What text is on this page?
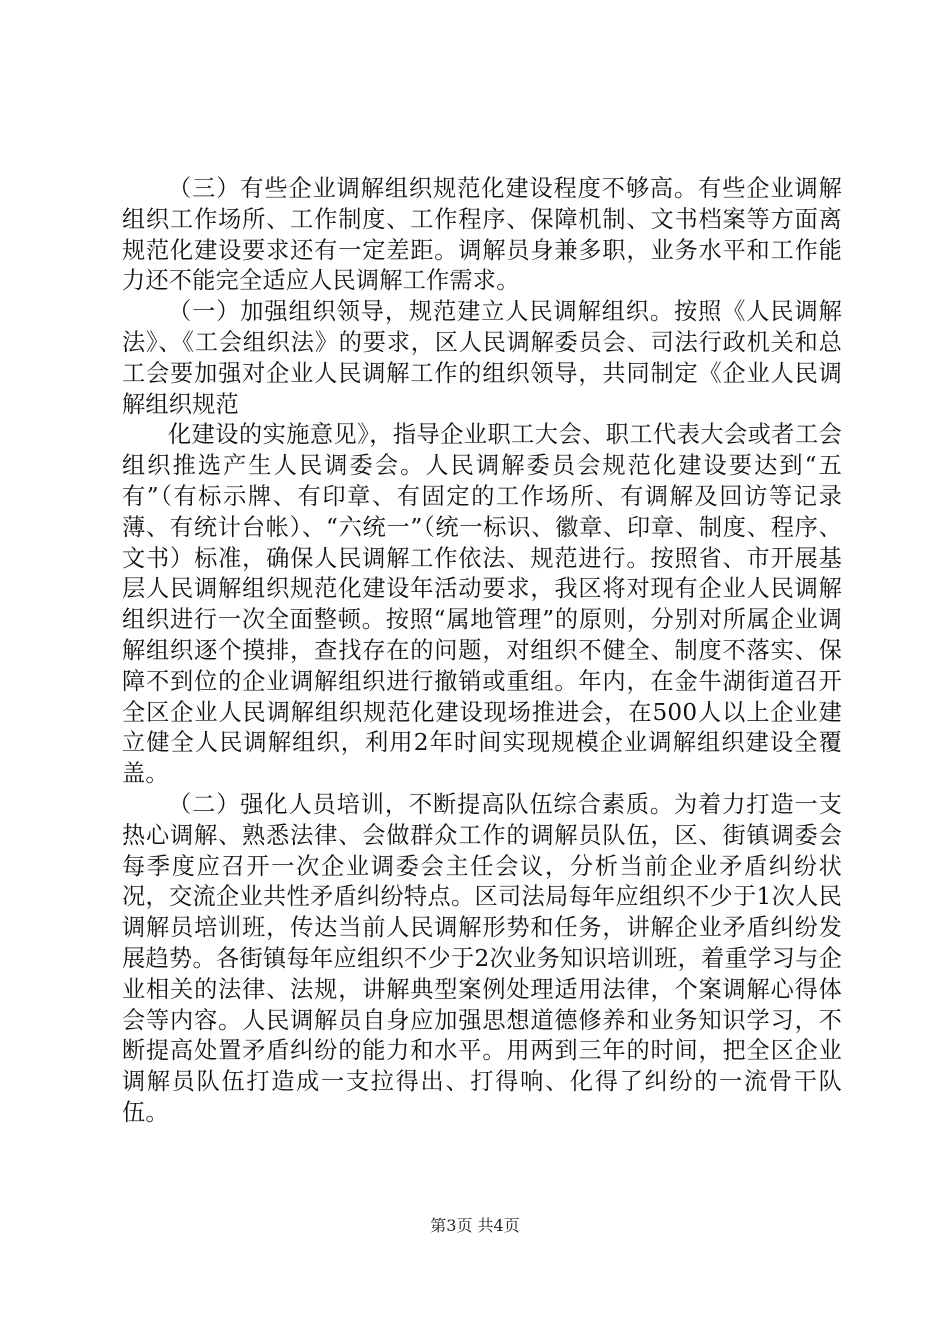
（三）有些企业调解组织规范化建设程度不够高。有些企业调解组织工作场所、工作制度、工作程序、保障机制、文书档案等方面离规范化建设要求还有一定差距。调解员身兼多职，业务水平和工作能力还不能完全适应人民调解工作需求。

（一）加强组织领导，规范建立人民调解组织。按照《人民调解法》、《工会组织法》的要求，区人民调解委员会、司法行政机关和总工会要加强对企业人民调解工作的组织领导，共同制定《企业人民调解组织规范

化建设的实施意见》，指导企业职工大会、职工代表大会或者工会组织推选产生人民调委会。人民调解委员会规范化建设要达到“五有”（有标示牌、有印章、有固定的工作场所、有调解及回访等记录薄、有统计台帐）、“六统一”（统一标识、徽章、印章、制度、程序、文书）标准，确保人民调解工作依法、规范进行。按照省、市开展基层人民调解组织规范化建设年活动要求，我区将对现有企业人民调解组织进行一次全面整顿。按照“属地管理”的原则，分别对所属企业调解组织逐个摸排，查找存在的问题，对组织不健全、制度不落实、保障不到位的企业调解组织进行撤销或重组。年内，在金牛湖街道召开全区企业人民调解组织规范化建设现场推进会，在500人以上企业建立健全人民调解组织，利用2年时间实现规模企业调解组织建设全覆盖。

（二）强化人员培训，不断提高队伍综合素质。为着力打造一支热心调解、熟悉法律、会做群众工作的调解员队伍，区、街镇调委会每季度应召开一次企业调委会主任会议，分析当前企业矛盾纠纷状况，交流企业共性矛盾纠纷特点。区司法局每年应组织不少于1次人民调解员培训班，传达当前人民调解形势和任务，讲解企业矛盾纠纷发展趋势。各街镇每年应组织不少于2次业务知识培训班，着重学习与企业相关的法律、法规，讲解典型案例处理适用法律，个案调解心得体会等内容。人民调解员自身应加强思想道德修养和业务知识学习，不断提高处置矛盾纠纷的能力和水平。用两到三年的时间，把全区企业调解员队伍打造成一支拉得出、打得响、化得了纠纷的一流骨干队伍。

第3页 共4页
